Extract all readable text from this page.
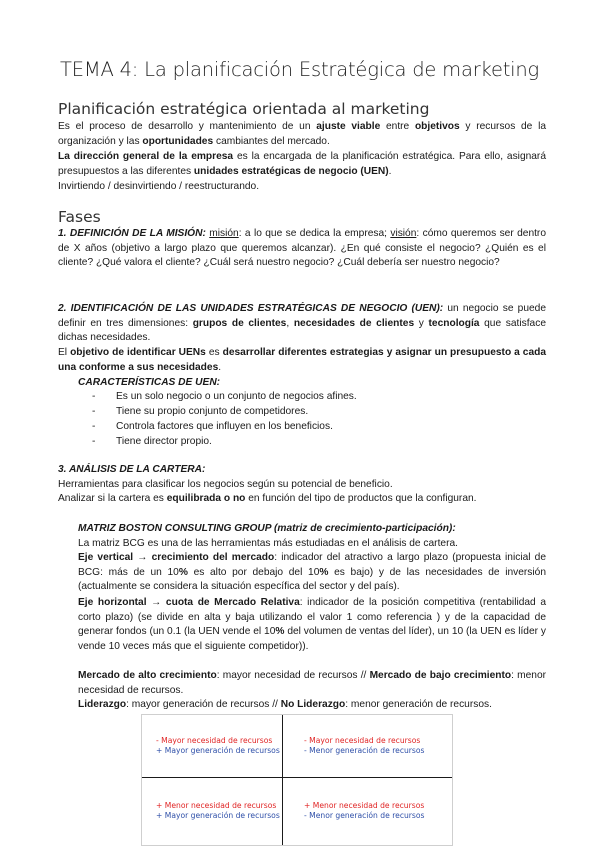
TEMA 4: La planificación Estratégica de marketing
Planificación estratégica orientada al marketing
Es el proceso de desarrollo y mantenimiento de un ajuste viable entre objetivos y recursos de la organización y las oportunidades cambiantes del mercado.
La dirección general de la empresa es la encargada de la planificación estratégica. Para ello, asignará presupuestos a las diferentes unidades estratégicas de negocio (UEN).
Invirtiendo / desinvirtiendo / reestructurando.
Fases
1. DEFINICIÓN DE LA MISIÓN: misión: a lo que se dedica la empresa; visión: cómo queremos ser dentro de X años (objetivo a largo plazo que queremos alcanzar). ¿En qué consiste el negocio? ¿Quién es el cliente? ¿Qué valora el cliente? ¿Cuál será nuestro negocio? ¿Cuál debería ser nuestro negocio?
2. IDENTIFICACIÓN DE LAS UNIDADES ESTRATÉGICAS DE NEGOCIO (UEN): un negocio se puede definir en tres dimensiones: grupos de clientes, necesidades de clientes y tecnología que satisface dichas necesidades.
El objetivo de identificar UENs es desarrollar diferentes estrategias y asignar un presupuesto a cada una conforme a sus necesidades.
CARACTERÍSTICAS DE UEN:
- Es un solo negocio o un conjunto de negocios afines.
- Tiene su propio conjunto de competidores.
- Controla factores que influyen en los beneficios.
- Tiene director propio.
3. ANÁLISIS DE LA CARTERA:
Herramientas para clasificar los negocios según su potencial de beneficio.
Analizar si la cartera es equilibrada o no en función del tipo de productos que la configuran.
MATRIZ BOSTON CONSULTING GROUP (matriz de crecimiento-participación):
La matriz BCG es una de las herramientas más estudiadas en el análisis de cartera.
Eje vertical → crecimiento del mercado: indicador del atractivo a largo plazo (propuesta inicial de BCG: más de un 10% es alto por debajo del 10% es bajo) y de las necesidades de inversión (actualmente se considera la situación específica del sector y del país).
Eje horizontal → cuota de Mercado Relativa: indicador de la posición competitiva (rentabilidad a corto plazo) (se divide en alta y baja utilizando el valor 1 como referencia ) y de la capacidad de generar fondos (un 0.1 (la UEN vende el 10% del volumen de ventas del líder), un 10 (la UEN es líder y vende 10 veces más que el siguiente competidor)).
Mercado de alto crecimiento: mayor necesidad de recursos // Mercado de bajo crecimiento: menor necesidad de recursos.
Liderazgo: mayor generación de recursos // No Liderazgo: menor generación de recursos.
- Mayor necesidad de recursos
+ Mayor generación de recursos
- Mayor necesidad de recursos
- Menor generación de recursos
+ Menor necesidad de recursos
+ Mayor generación de recursos
+ Menor necesidad de recursos
- Menor generación de recursos
